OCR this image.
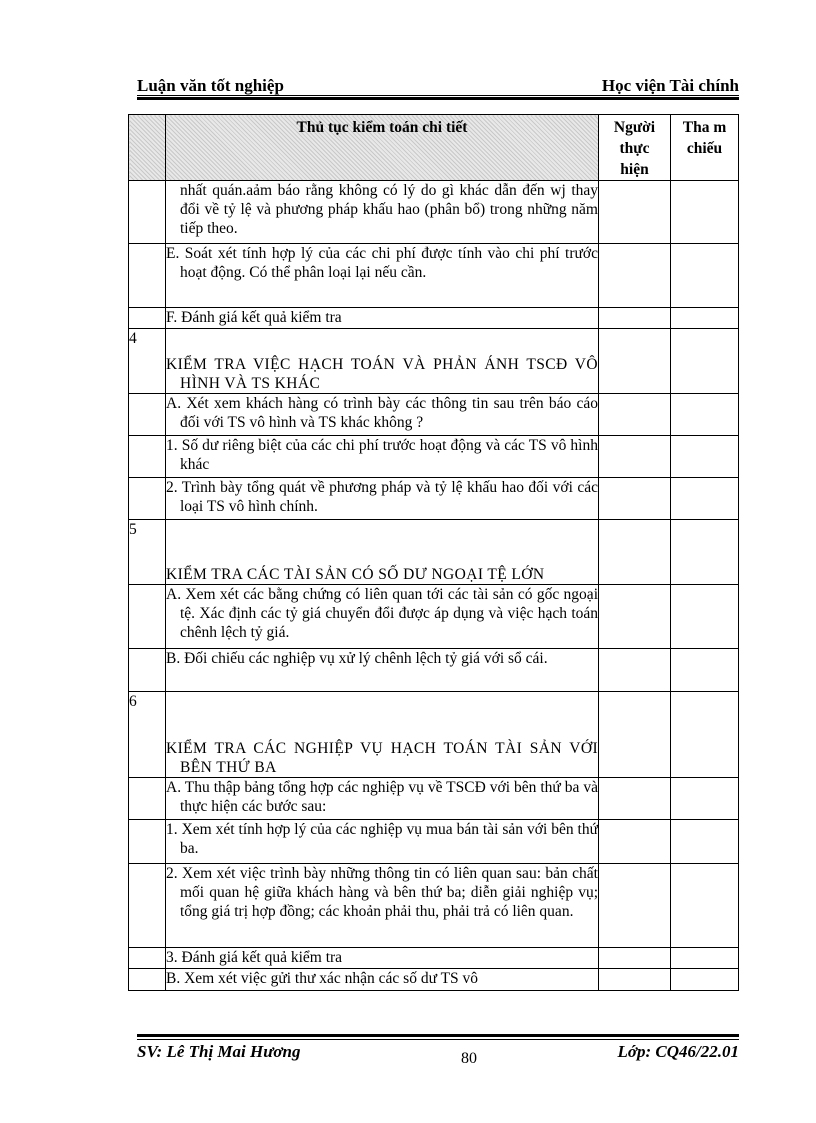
Luận văn tốt nghiệp	Học viện Tài chính
	Thủ tục kiểm toán chi tiết	Người thực hiện	Tha m chiếu

	nhất quán.aảm báo rằng không có lý do gì khác dẫn đến wj thay đổi về tỷ lệ và phương pháp khấu hao (phân bổ) trong những năm tiếp theo.		

	E. Soát xét tính hợp lý của các chi phí được tính vào chi phí trước hoạt động. Có thể phân loại lại nếu cần.		

	F. Đánh giá kết quả kiểm tra		

4	KIỂM TRA VIỆC HẠCH TOÁN VÀ PHẢN ÁNH TSCĐ VÔ HÌNH VÀ TS KHÁC		

	A. Xét xem khách hàng có trình bày các thông tin sau trên báo cáo đối với TS vô hình và TS khác không ?		

	1. Số dư riêng biệt của các chi phí trước hoạt động và các TS vô hình khác		

	2. Trình bày tổng quát về phương pháp và tỷ lệ khấu hao đối với các loại TS vô hình chính.		

5	KIỂM TRA CÁC TÀI SẢN CÓ SỐ DƯ NGOẠI TỆ LỚN		

	A. Xem xét các bằng chứng có liên quan tới các tài sản có gốc ngoại tệ. Xác định các tỷ giá chuyển đổi được áp dụng và việc hạch toán chênh lệch tỷ giá.		

	B. Đối chiếu các nghiệp vụ xử lý chênh lệch tỷ giá với sổ cái.		

6	KIỂM TRA CÁC NGHIỆP VỤ HẠCH TOÁN TÀI SẢN VỚI BÊN THỨ BA		

	A. Thu thập bảng tổng hợp các nghiệp vụ về TSCĐ với bên thứ ba và thực hiện các bước sau:		

	1. Xem xét tính hợp lý của các nghiệp vụ mua bán tài sản với bên thứ ba.		

	2. Xem xét việc trình bày những thông tin có liên quan sau: bản chất mối quan hệ giữa khách hàng và bên thứ ba; diễn giải nghiệp vụ; tổng giá trị hợp đồng; các khoản phải thu, phải trả có liên quan.		

	3. Đánh giá kết quả kiểm tra		

	B. Xem xét việc gửi thư xác nhận các số dư TS vô		

SV: Lê Thị Mai Hương	80	Lớp: CQ46/22.01
